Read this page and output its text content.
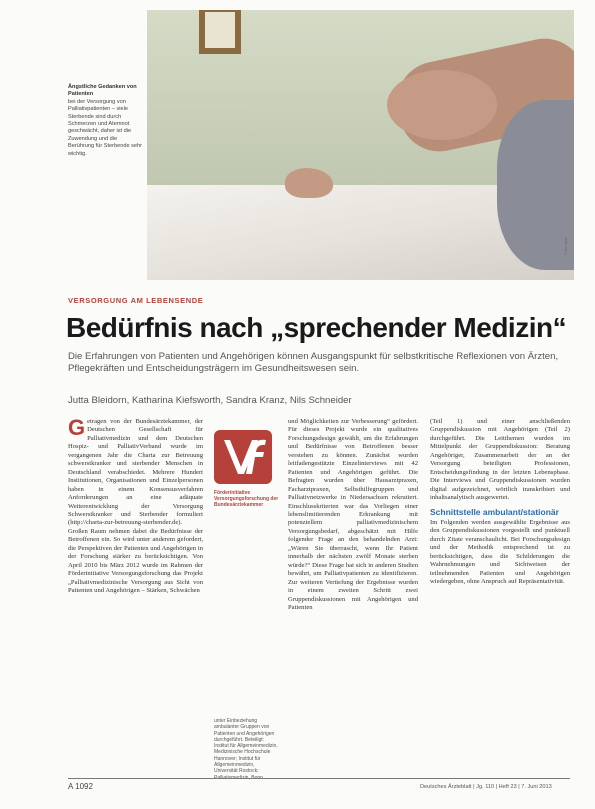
Foto: epd
Ängstliche Gedanken von Patienten
bei der Versorgung von Palliativpatienten – viele Sterbende sind durch Schmerzen und Atemnot geschwächt, daher ist die Zuwendung und die Berührung für Sterbende sehr wichtig.
VERSORGUNG AM LEBENSENDE
Bedürfnis nach „sprechender Medizin“
Die Erfahrungen von Patienten und Angehörigen können Ausgangspunkt für selbstkritische Reflexionen von Ärzten, Pflegekräften und Entscheidungsträgern im Gesundheitswesen sein.
Jutta Bleidorn, Katharina Kiefsworth, Sandra Kranz, Nils Schneider
G etragen von der Bundesärztekammer, der Deutschen Gesellschaft für Palliativmedizin und dem Deutschen Hospiz- und PalliativVerband wurde im vergangenen Jahr die Charta zur Betreuung schwerstkranker und sterbender Menschen in Deutschland verabschiedet. Mehrere Hundert Institutionen, Organisationen und Einzelpersonen haben in einem Konsensusverfahren Anforderungen an eine adäquate Weiterentwicklung der Versorgung Schwerstkranker und Sterbender formuliert (http://charta-zur-betreuung-sterbender.de). Großen Raum nehmen dabei die Bedürfnisse der Betroffenen ein. So wird unter anderem gefordert, die Perspektiven der Patienten und Angehörigen in der Forschung stärker zu berücksichtigen. Von April 2010 bis März 2012 wurde im Rahmen der Förderinitiative Versorgungsforschung das Projekt „Palliativmedizinische Versorgung aus Sicht von Patienten und Angehörigen – Stärken, Schwächen

Förderinitiative Versorgungsforschung der Bundesärztekammer

unter Einbeziehung ambulanter Gruppen von Patienten und Angehörigen durchgeführt. Beteiligt: Institut für Allgemeinmedizin, Medizinische Hochschule Hannover; Institut für Allgemeinmedizin, Universität Rostock; Palliativmedizin, Bonn.

und Möglichkeiten zur Verbesserung“ gefördert. Für dieses Projekt wurde ein qualitatives Forschungsdesign gewählt, um die Erfahrungen und Bedürfnisse von Betroffenen besser verstehen zu können. Zunächst wurden leitfadengestützte Einzelinterviews mit 42 Patienten und Angehörigen geführt. Die Befragten wurden über Hausarztpraxen, Facharztpraxen, Selbsthilfegruppen und Palliativnetzwerke in Niedersachsen rekrutiert. Einschlusskriterien war das Vorliegen einer lebenslimitierenden Erkrankung mit potenziellem palliativmedizinischem Versorgungsbedarf, abgeschätzt mit Hilfe folgender Frage an den behandelnden Arzt: „Wären Sie überrascht, wenn Ihr Patient innerhalb der nächsten zwölf Monate sterben würde?“ Diese Frage hat sich in anderen Studien bewährt, um Palliativpatienten zu identifizieren. Zur weiteren Vertiefung der Ergebnisse wurden in einem zweiten Schritt zwei Gruppendiskussionen mit Angehörigen und Patienten

(Teil 1) und einer anschließenden Gruppendiskussion mit Angehörigen (Teil 2) durchgeführt. Die Leitthemen wurden im Mittelpunkt der Gruppendiskussion: Beratung Angehöriger, Zusammenarbeit der an der Versorgung beteiligten Professionen, Entscheidungsfindung in der letzten Lebensphase. Die Interviews und Gruppendiskussionen wurden digital aufgezeichnet, wörtlich transkribiert und inhaltsanalytisch ausgewertet.

Schnittstelle ambulant/stationär

Im Folgenden werden ausgewählte Ergebnisse aus den Gruppendiskussionen vorgestellt und punktuell durch Zitate veranschaulicht. Bei Forschungsdesign und der Methodik entsprechend ist zu berücksichtigen, dass die Schilderungen die Wahrnehmungen und Sichtweisen der teilnehmenden Patienten und Angehörigen wiedergeben, ohne Anspruch auf Repräsentativität.

A 1092	Deutsches Ärzteblatt | Jg. 110 | Heft 23 | 7. Juni 2013
